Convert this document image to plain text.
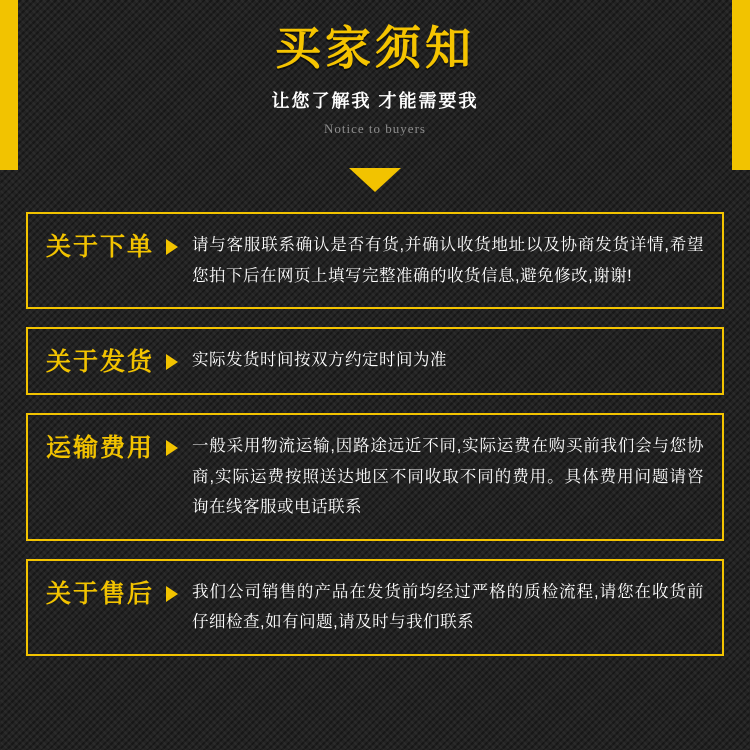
买家须知
让您了解我 才能需要我
Notice to buyers
关于下单 请与客服联系确认是否有货,并确认收货地址以及协商发货详情,希望您拍下后在网页上填写完整准确的收货信息,避免修改,谢谢!
关于发货 实际发货时间按双方约定时间为准
运输费用 一般采用物流运输,因路途远近不同,实际运费在购买前我们会与您协商,实际运费按照送达地区不同收取不同的费用。具体费用问题请咨询在线客服或电话联系
关于售后 我们公司销售的产品在发货前均经过严格的质检流程,请您在收货前仔细检查,如有问题,请及时与我们联系
